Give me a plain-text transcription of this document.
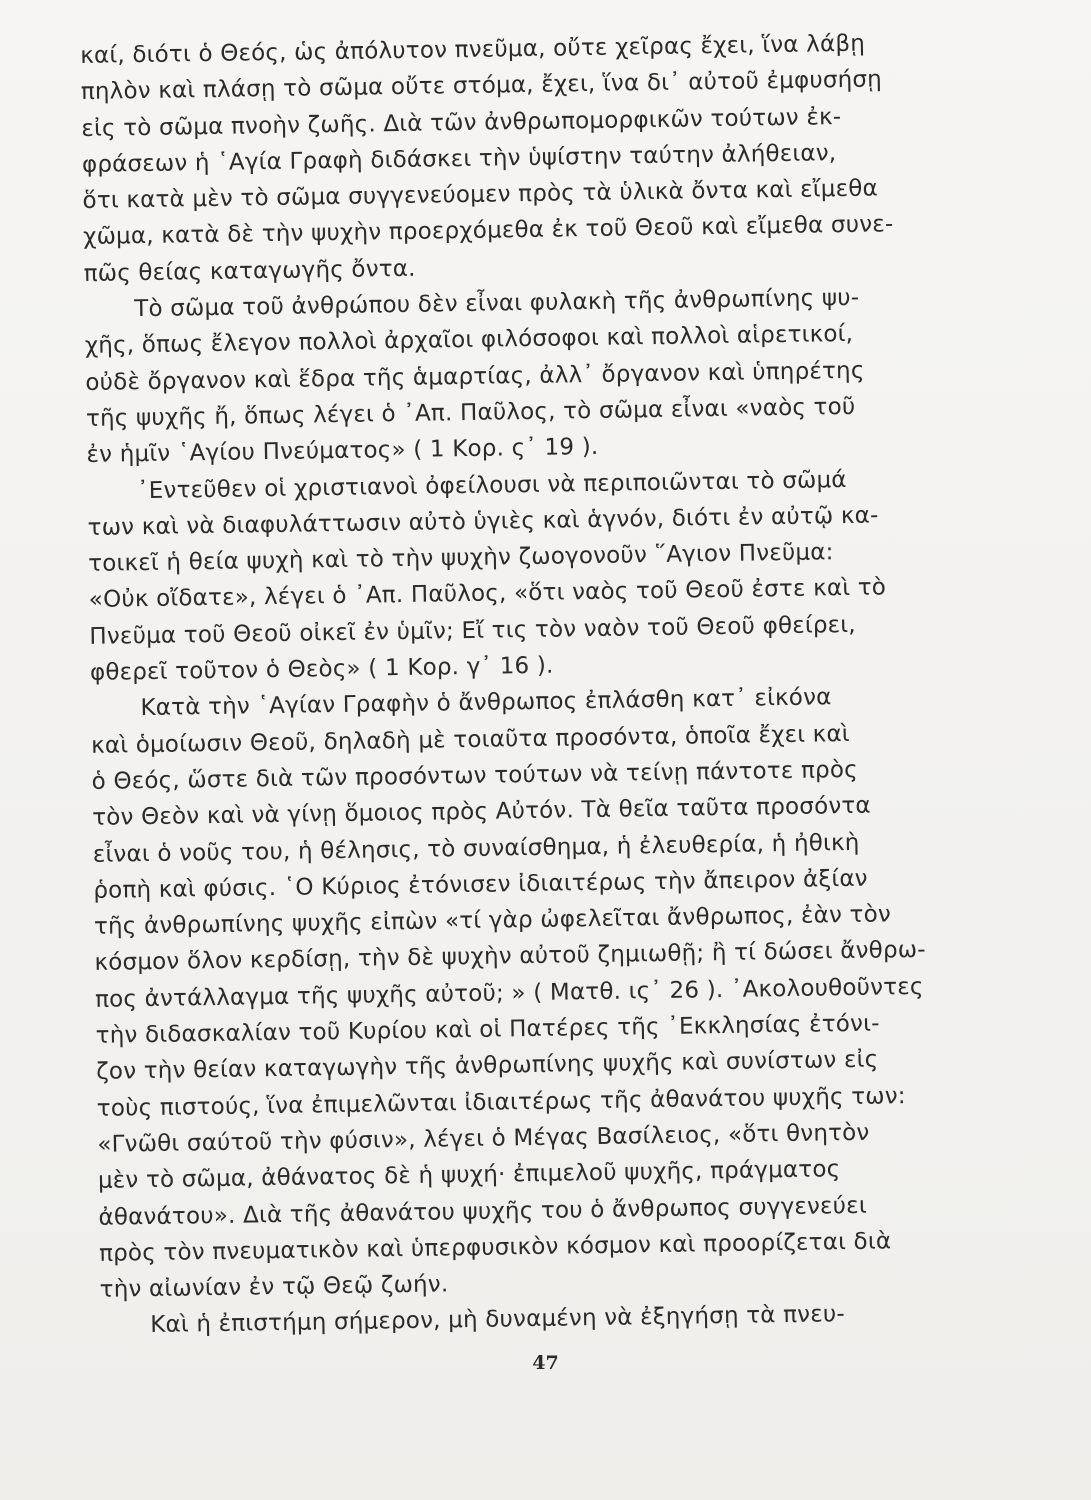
καί, διότι ὁ Θεός, ὡς ἀπόλυτον πνεῦμα, οὔτε χεῖρας ἔχει, ἵνα λάβῃ
πηλὸν καὶ πλάσῃ τὸ σῶμα οὔτε στόμα, ἔχει, ἵνα δι᾽ αὐτοῦ ἐμφυσήσῃ
εἰς τὸ σῶμα πνοὴν ζωῆς. Διὰ τῶν ἀνθρωπομορφικῶν τούτων ἐκ-
φράσεων ἡ ῾Αγία Γραφὴ διδάσκει τὴν ὑψίστην ταύτην ἀλήθειαν,
ὅτι κατὰ μὲν τὸ σῶμα συγγενεύομεν πρὸς τὰ ὑλικὰ ὄντα καὶ εἴμεθα
χῶμα, κατὰ δὲ τὴν ψυχὴν προερχόμεθα ἐκ τοῦ Θεοῦ καὶ εἴμεθα συνε-
πῶς θείας καταγωγῆς ὄντα.
Τὸ σῶμα τοῦ ἀνθρώπου δὲν εἶναι φυλακὴ τῆς ἀνθρωπίνης ψυ-
χῆς, ὅπως ἔλεγον πολλοὶ ἀρχαῖοι φιλόσοφοι καὶ πολλοὶ αἱρετικοί,
οὐδὲ ὄργανον καὶ ἕδρα τῆς ἁμαρτίας, ἀλλ᾽ ὄργανον καὶ ὑπηρέτης
τῆς ψυχῆς ἤ, ὅπως λέγει ὁ ᾽Απ. Παῦλος, τὸ σῶμα εἶναι «ναὸς τοῦ
ἐν ἡμῖν ῾Αγίου Πνεύματος» ( 1 Κορ. ς᾽ 19 ).
᾽Εντεῦθεν οἱ χριστιανοὶ ὀφείλουσι νὰ περιποιῶνται τὸ σῶμά
των καὶ νὰ διαφυλάττωσιν αὐτὸ ὑγιὲς καὶ ἁγνόν, διότι ἐν αὐτῷ κα-
τοικεῖ ἡ θεία ψυχὴ καὶ τὸ τὴν ψυχὴν ζωογονοῦν ῞Αγιον Πνεῦμα:
«Οὐκ οἴδατε», λέγει ὁ ᾽Απ. Παῦλος, «ὅτι ναὸς τοῦ Θεοῦ ἐστε καὶ τὸ
Πνεῦμα τοῦ Θεοῦ οἰκεῖ ἐν ὑμῖν; Εἴ τις τὸν ναὸν τοῦ Θεοῦ φθείρει,
φθερεῖ τοῦτον ὁ Θεὸς» ( 1 Κορ. γ᾽ 16 ).
Κατὰ τὴν ῾Αγίαν Γραφὴν ὁ ἄνθρωπος ἐπλάσθη κατ᾽ εἰκόνα
καὶ ὁμοίωσιν Θεοῦ, δηλαδὴ μὲ τοιαῦτα προσόντα, ὁποῖα ἔχει καὶ
ὁ Θεός, ὥστε διὰ τῶν προσόντων τούτων νὰ τείνῃ πάντοτε πρὸς
τὸν Θεὸν καὶ νὰ γίνῃ ὅμοιος πρὸς Αὐτόν. Τὰ θεῖα ταῦτα προσόντα
εἶναι ὁ νοῦς του, ἡ θέλησις, τὸ συναίσθημα, ἡ ἐλευθερία, ἡ ἠθικὴ
ῥοπὴ καὶ φύσις. ῾Ο Κύριος ἐτόνισεν ἰδιαιτέρως τὴν ἄπειρον ἀξίαν
τῆς ἀνθρωπίνης ψυχῆς εἰπὼν «τί γὰρ ὠφελεῖται ἄνθρωπος, ἐὰν τὸν
κόσμον ὅλον κερδίσῃ, τὴν δὲ ψυχὴν αὐτοῦ ζημιωθῇ; ἢ τί δώσει ἄνθρω-
πος ἀντάλλαγμα τῆς ψυχῆς αὐτοῦ; » ( Ματθ. ις᾽ 26 ). ᾽Ακολουθοῦντες
τὴν διδασκαλίαν τοῦ Κυρίου καὶ οἱ Πατέρες τῆς ᾽Εκκλησίας ἐτόνι-
ζον τὴν θείαν καταγωγὴν τῆς ἀνθρωπίνης ψυχῆς καὶ συνίστων εἰς
τοὺς πιστούς, ἵνα ἐπιμελῶνται ἰδιαιτέρως τῆς ἀθανάτου ψυχῆς των:
«Γνῶθι σαύτοῦ τὴν φύσιν», λέγει ὁ Μέγας Βασίλειος, «ὅτι θνητὸν
μὲν τὸ σῶμα, ἀθάνατος δὲ ἡ ψυχή· ἐπιμελοῦ ψυχῆς, πράγματος
ἀθανάτου». Διὰ τῆς ἀθανάτου ψυχῆς του ὁ ἄνθρωπος συγγενεύει
πρὸς τὸν πνευματικὸν καὶ ὑπερφυσικὸν κόσμον καὶ προορίζεται διὰ
τὴν αἰωνίαν ἐν τῷ Θεῷ ζωήν.
Καὶ ἡ ἐπιστήμη σήμερον, μὴ δυναμένη νὰ ἐξηγήσῃ τὰ πνευ-
47
